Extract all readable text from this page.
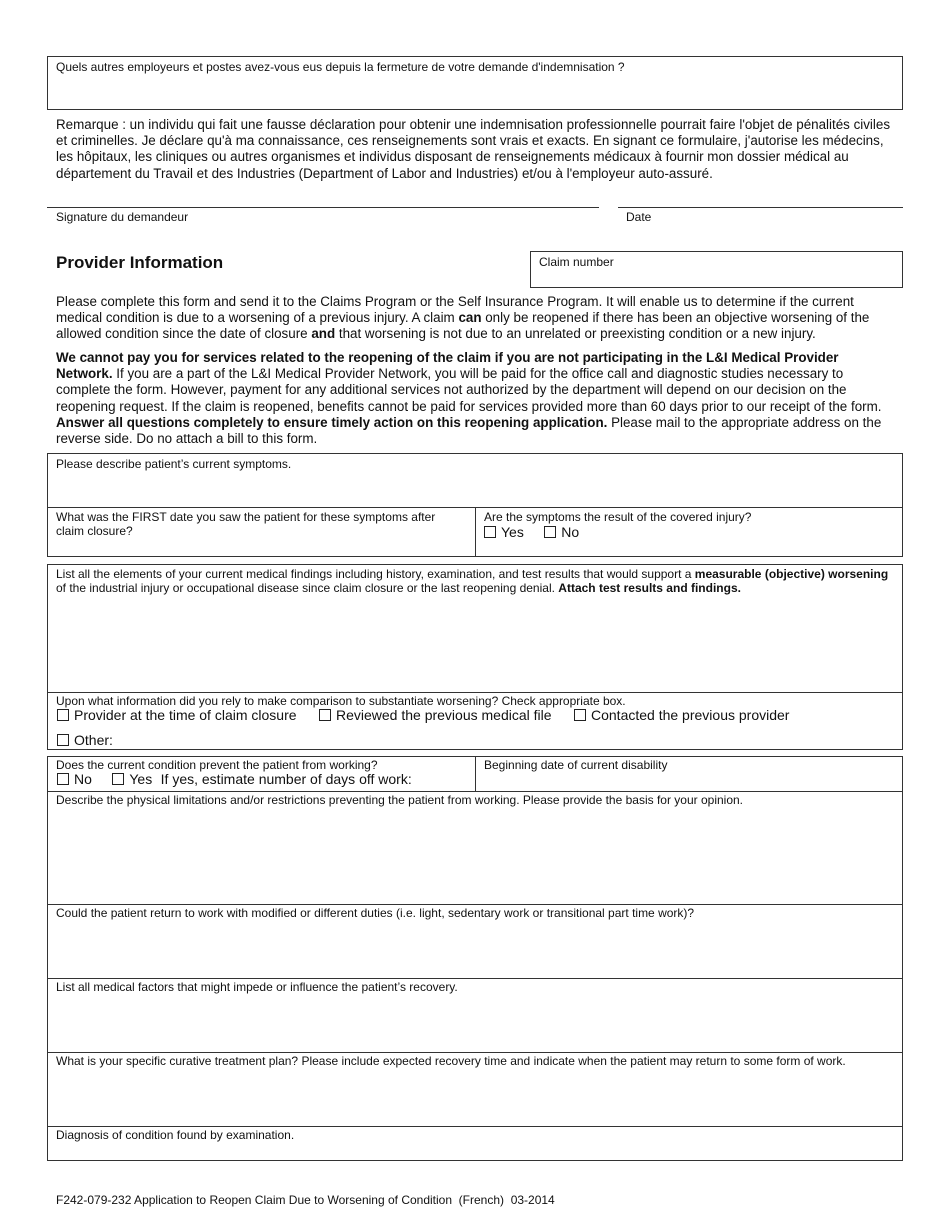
Quels autres employeurs et postes avez-vous eus depuis la fermeture de votre demande d'indemnisation ?
Remarque : un individu qui fait une fausse déclaration pour obtenir une indemnisation professionnelle pourrait faire l'objet de pénalités civiles et criminelles. Je déclare qu'à ma connaissance, ces renseignements sont vrais et exacts. En signant ce formulaire, j'autorise les médecins, les hôpitaux, les cliniques ou autres organismes et individus disposant de renseignements médicaux à fournir mon dossier médical au département du Travail et des Industries (Department of Labor and Industries) et/ou à l'employeur auto-assuré.
Signature du demandeur	Date
Provider Information	Claim number
Please complete this form and send it to the Claims Program or the Self Insurance Program. It will enable us to determine if the current medical condition is due to a worsening of a previous injury. A claim can only be reopened if there has been an objective worsening of the allowed condition since the date of closure and that worsening is not due to an unrelated or preexisting condition or a new injury.
We cannot pay you for services related to the reopening of the claim if you are not participating in the L&I Medical Provider Network. If you are a part of the L&I Medical Provider Network, you will be paid for the office call and diagnostic studies necessary to complete the form. However, payment for any additional services not authorized by the department will depend on our decision on the reopening request. If the claim is reopened, benefits cannot be paid for services provided more than 60 days prior to our receipt of the form. Answer all questions completely to ensure timely action on this reopening application. Please mail to the appropriate address on the reverse side. Do no attach a bill to this form.
Please describe patient’s current symptoms.
What was the FIRST date you saw the patient for these symptoms after claim closure?
Are the symptoms the result of the covered injury?
Yes	No
List all the elements of your current medical findings including history, examination, and test results that would support a measurable (objective) worsening of the industrial injury or occupational disease since claim closure or the last reopening denial. Attach test results and findings.
Upon what information did you rely to make comparison to substantiate worsening? Check appropriate box.
Provider at the time of claim closure	Reviewed the previous medical file	Contacted the previous provider
Other:
Does the current condition prevent the patient from working?
No	Yes If yes, estimate number of days off work:
Beginning date of current disability
Describe the physical limitations and/or restrictions preventing the patient from working. Please provide the basis for your opinion.
Could the patient return to work with modified or different duties (i.e. light, sedentary work or transitional part time work)?
List all medical factors that might impede or influence the patient’s recovery.
What is your specific curative treatment plan? Please include expected recovery time and indicate when the patient may return to some form of work.
Diagnosis of condition found by examination.
F242-079-232 Application to Reopen Claim Due to Worsening of Condition  (French)  03-2014
